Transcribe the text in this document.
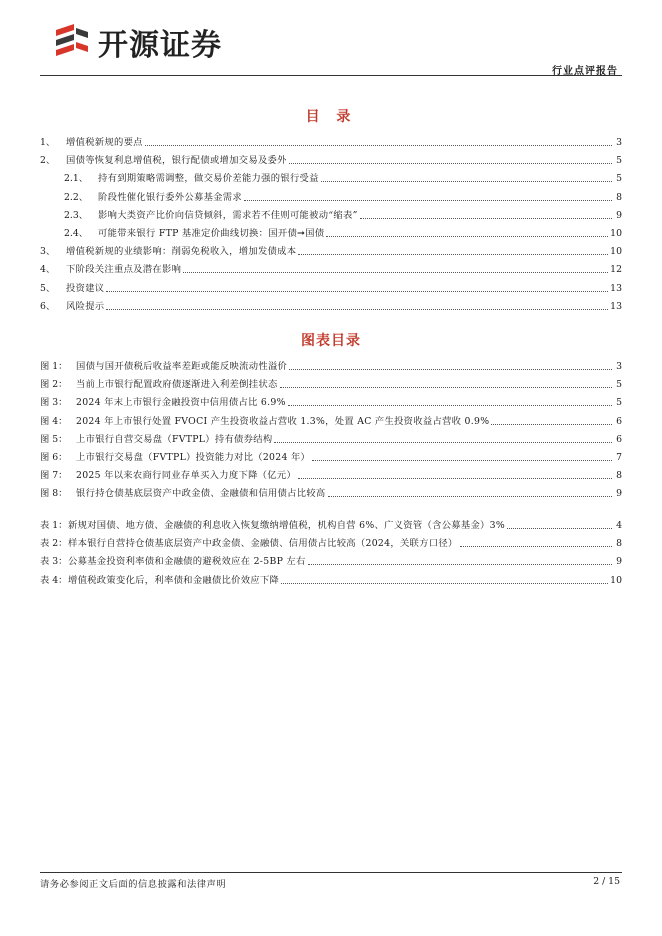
开源证券
行业点评报告
目 录
1、	增值税新规的要点	3
2、	国债等恢复利息增值税，银行配债或增加交易及委外	5
2.1、	持有到期策略需调整，做交易价差能力强的银行受益	5
2.2、	阶段性催化银行委外公募基金需求	8
2.3、	影响大类资产比价向信贷倾斜，需求若不佳则可能被动“缩表”	9
2.4、	可能带来银行 FTP 基准定价曲线切换：国开债➞国债	10
3、	增值税新规的业绩影响：削弱免税收入，增加发债成本	10
4、	下阶段关注重点及潜在影响	12
5、	投资建议	13
6、	风险提示	13
图表目录
图 1： 国债与国开债税后收益率差距或能反映流动性溢价	3
图 2： 当前上市银行配置政府债逐渐进入利差倒挂状态	5
图 3： 2024 年末上市银行金融投资中信用债占比 6.9%	5
图 4： 2024 年上市银行处置 FVOCI 产生投资收益占营收 1.3%，处置 AC 产生投资收益占营收 0.9%	6
图 5： 上市银行自营交易盘（FVTPL）持有债券结构	6
图 6： 上市银行交易盘（FVTPL）投资能力对比（2024 年）	7
图 7： 2025 年以来农商行同业存单买入力度下降（亿元）	8
图 8： 银行持仓债基底层资产中政金债、金融债和信用债占比较高	9
表 1： 新规对国债、地方债、金融债的利息收入恢复缴纳增值税，机构自营 6%、广义资管（含公募基金）3%	4
表 2： 样本银行自营持仓债基底层资产中政金债、金融债、信用债占比较高（2024，关联方口径）	8
表 3： 公募基金投资利率债和金融债的避税效应在 2-5BP 左右	9
表 4： 增值税政策变化后，利率债和金融债比价效应下降	10
请务必参阅正文后面的信息披露和法律声明	2 / 15
